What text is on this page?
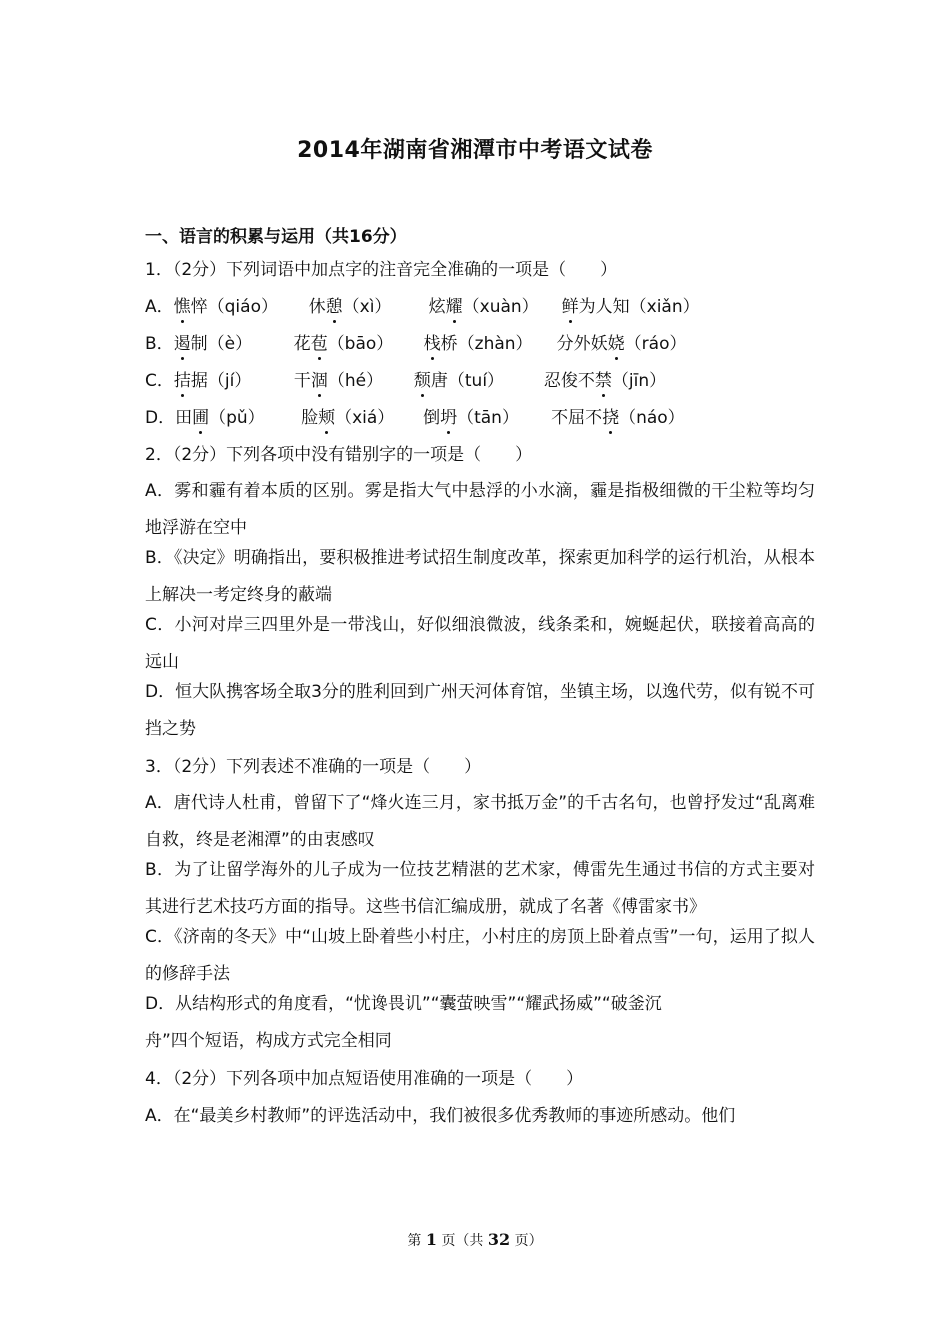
2014年湖南省湘潭市中考语文试卷
一、语言的积累与运用（共16分）
1．（2分）下列词语中加点字的注音完全准确的一项是（　　）
A．憔悴（qiáo） 休憩（xì） 炫耀（xuàn） 鲜为人知（xiǎn）
B．遏制（è） 花苞（bāo） 栈桥（zhàn） 分外妖娆（ráo）
C．拮据（jí）	干涸（hé） 颓唐（tuí） 忍俊不禁（jīn）
D．田圃（pǔ） 脸颊（xiá） 倒坍（tān） 不屈不挠（náo）
2．（2分）下列各项中没有错别字的一项是（　　）
A．雾和霾有着本质的区别。雾是指大气中悬浮的小水滴，霾是指极细微的干尘粒等均匀地浮游在空中
B．《决定》明确指出，要积极推进考试招生制度改革，探索更加科学的运行机治，从根本上解决一考定终身的蔽端
C．小河对岸三四里外是一带浅山，好似细浪微波，线条柔和，婉蜒起伏，联接着高高的远山
D．恒大队携客场全取3分的胜利回到广州天河体育馆，坐镇主场，以逸代劳，似有锐不可挡之势
3．（2分）下列表述不准确的一项是（　　）
A．唐代诗人杜甫，曾留下了“烽火连三月，家书抵万金”的千古名句，也曾抒发过“乱离难自救，终是老湘潭”的由衷感叹
B．为了让留学海外的儿子成为一位技艺精湛的艺术家，傅雷先生通过书信的方式主要对其进行艺术技巧方面的指导。这些书信汇编成册，就成了名著《傅雷家书》
C．《济南的冬天》中“山坡上卧着些小村庄，小村庄的房顶上卧着点雪”一句，运用了拟人的修辞手法
D．从结构形式的角度看，“忧谗畏讥”“囊萤映雪”“耀武扬威”“破釜沉
舟”四个短语，构成方式完全相同
4．（2分）下列各项中加点短语使用准确的一项是（　　）
A．在“最美乡村教师”的评选活动中，我们被很多优秀教师的事迹所感动。他们
第 1 页（共 32 页）
